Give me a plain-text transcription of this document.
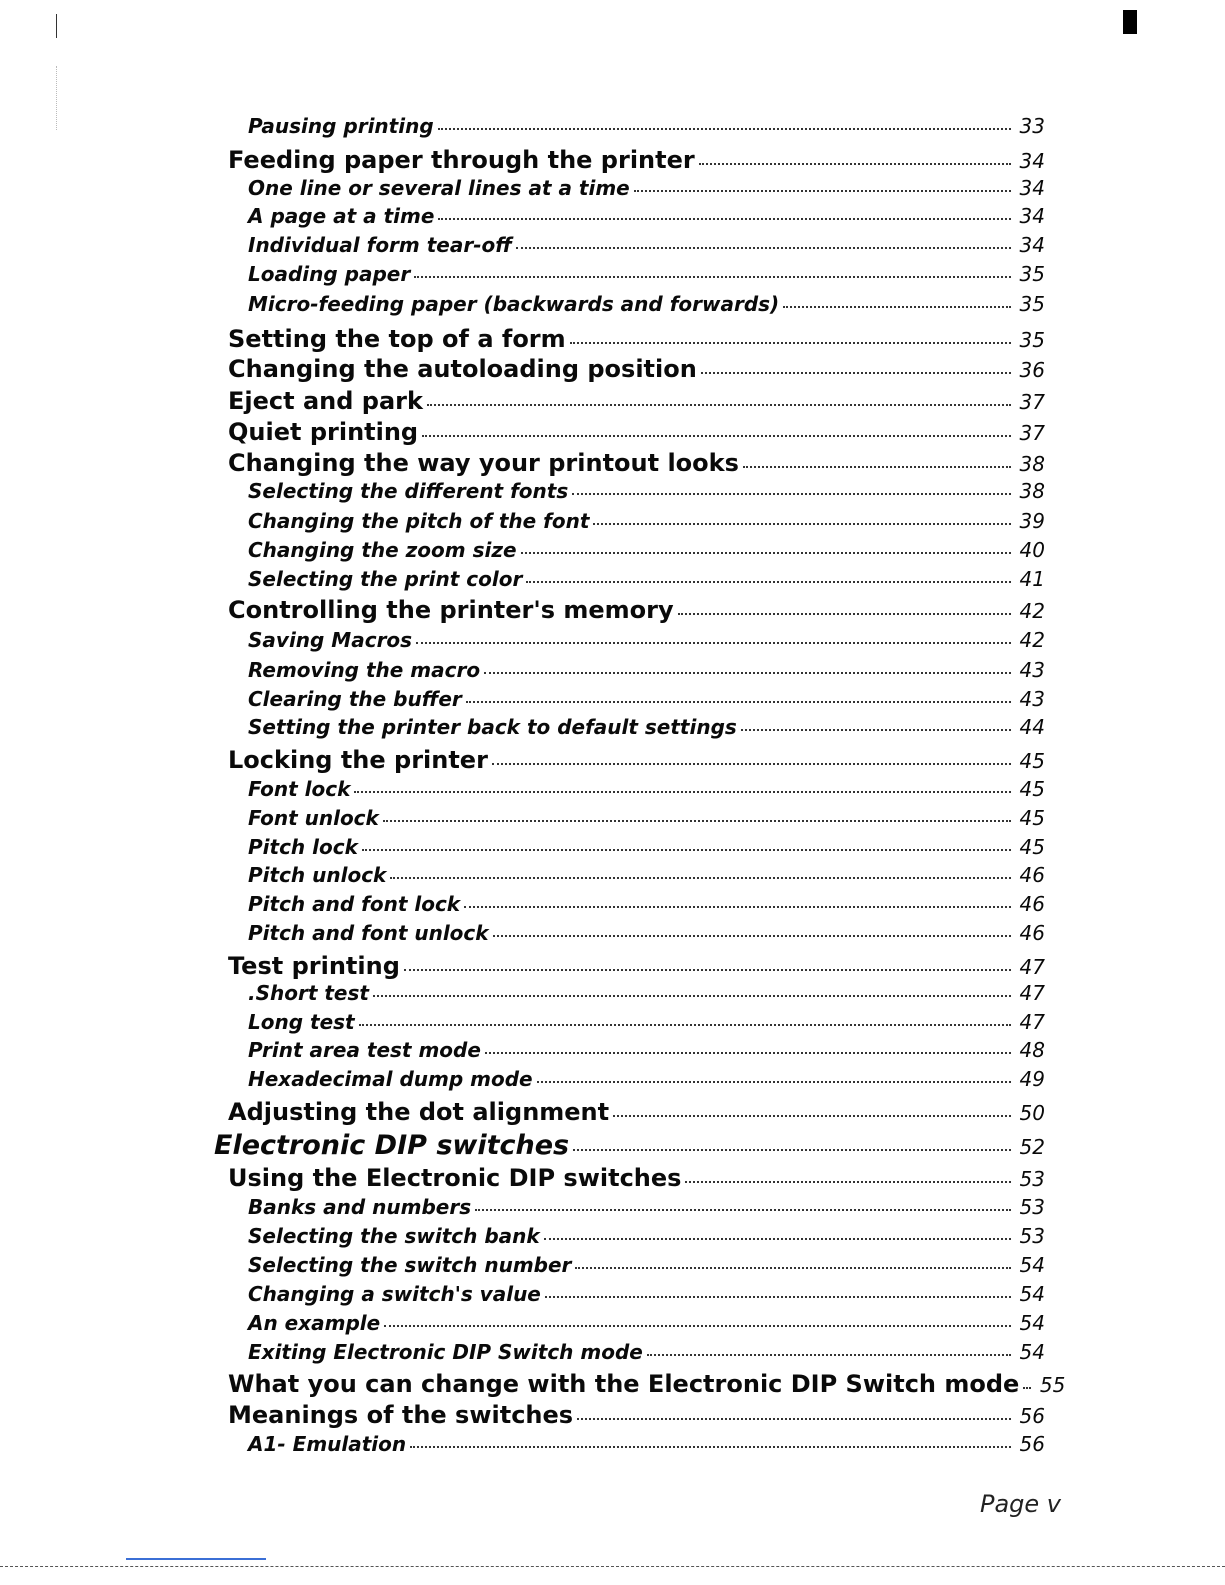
Pausing printing	33
Feeding paper through the printer	34
One line or several lines at a time	34
A page at a time	34
Individual form tear-off	34
Loading paper	35
Micro-feeding paper (backwards and forwards)	35
Setting the top of a form	35
Changing the autoloading position	36
Eject and park	37
Quiet printing	37
Changing the way your printout looks	38
Selecting the different fonts	38
Changing the pitch of the font	39
Changing the zoom size	40
Selecting the print color	41
Controlling the printer's memory	42
Saving Macros	42
Removing the macro	43
Clearing the buffer	43
Setting the printer back to default settings	44
Locking the printer	45
Font lock	45
Font unlock	45
Pitch lock	45
Pitch unlock	46
Pitch and font lock	46
Pitch and font unlock	46
Test printing	47
.Short test	47
Long test	47
Print area test mode	48
Hexadecimal dump mode	49
Adjusting the dot alignment	50
Electronic DIP switches	52
Using the Electronic DIP switches	53
Banks and numbers	53
Selecting the switch bank	53
Selecting the switch number	54
Changing a switch's value	54
An example	54
Exiting Electronic DIP Switch mode	54
What you can change with the Electronic DIP Switch mode 55
Meanings of the switches	56
A1- Emulation	56
Page v
